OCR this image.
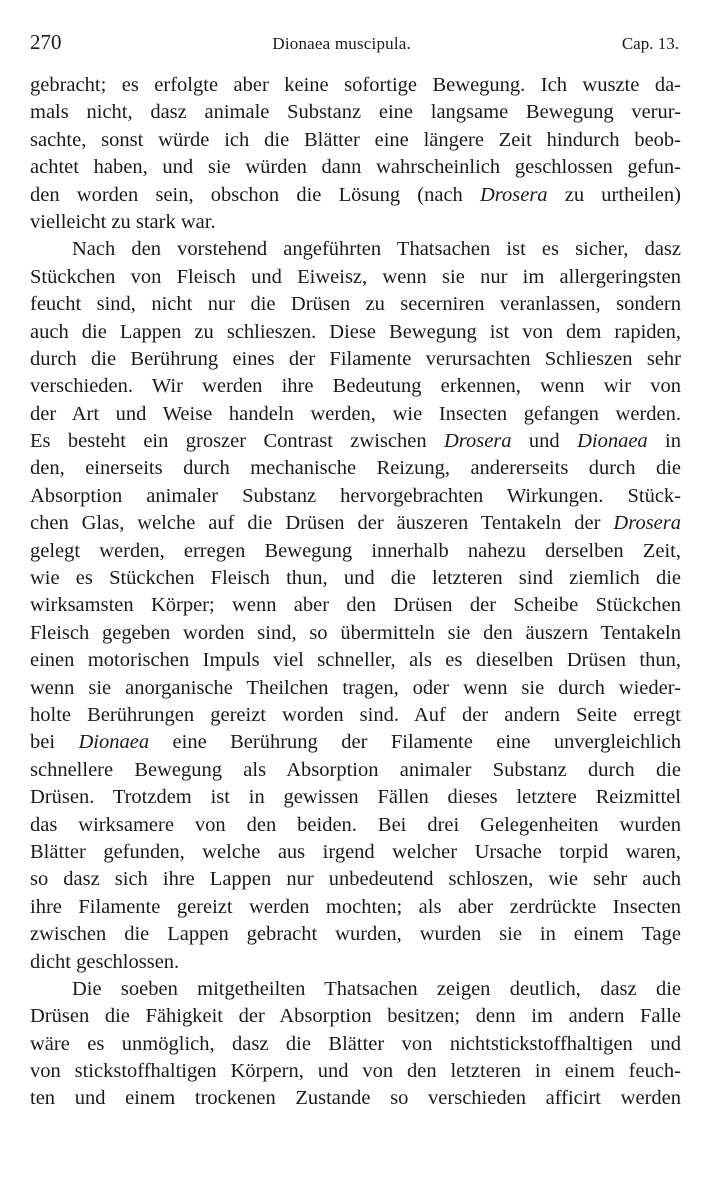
270	Dionaea muscipula.	Cap. 13.
gebracht; es erfolgte aber keine sofortige Bewegung. Ich wuszte da-
mals nicht, dasz animale Substanz eine langsame Bewegung verur-
sachte, sonst würde ich die Blätter eine längere Zeit hindurch beob-
achtet haben, und sie würden dann wahrscheinlich geschlossen gefun-
den worden sein, obschon die Lösung (nach Drosera zu urtheilen)
vielleicht zu stark war.
Nach den vorstehend angeführten Thatsachen ist es sicher, dasz
Stückchen von Fleisch und Eiweisz, wenn sie nur im allergeringsten
feucht sind, nicht nur die Drüsen zu secerniren veranlassen, sondern
auch die Lappen zu schlieszen. Diese Bewegung ist von dem rapiden,
durch die Berührung eines der Filamente verursachten Schlieszen sehr
verschieden. Wir werden ihre Bedeutung erkennen, wenn wir von
der Art und Weise handeln werden, wie Insecten gefangen werden.
Es besteht ein groszer Contrast zwischen Drosera und Dionaea in
den, einerseits durch mechanische Reizung, andererseits durch die
Absorption animaler Substanz hervorgebrachten Wirkungen. Stück-
chen Glas, welche auf die Drüsen der äuszeren Tentakeln der Drosera
gelegt werden, erregen Bewegung innerhalb nahezu derselben Zeit,
wie es Stückchen Fleisch thun, und die letzteren sind ziemlich die
wirksamsten Körper; wenn aber den Drüsen der Scheibe Stückchen
Fleisch gegeben worden sind, so übermitteln sie den äuszern Tentakeln
einen motorischen Impuls viel schneller, als es dieselben Drüsen thun,
wenn sie anorganische Theilchen tragen, oder wenn sie durch wieder-
holte Berührungen gereizt worden sind. Auf der andern Seite erregt
bei Dionaea eine Berührung der Filamente eine unvergleichlich
schnellere Bewegung als Absorption animaler Substanz durch die
Drüsen. Trotzdem ist in gewissen Fällen dieses letztere Reizmittel
das wirksamere von den beiden. Bei drei Gelegenheiten wurden
Blätter gefunden, welche aus irgend welcher Ursache torpid waren,
so dasz sich ihre Lappen nur unbedeutend schloszen, wie sehr auch
ihre Filamente gereizt werden mochten; als aber zerdrückte Insecten
zwischen die Lappen gebracht wurden, wurden sie in einem Tage
dicht geschlossen.
Die soeben mitgetheilten Thatsachen zeigen deutlich, dasz die
Drüsen die Fähigkeit der Absorption besitzen; denn im andern Falle
wäre es unmöglich, dasz die Blätter von nichtstickstoffhaltigen und
von stickstoffhaltigen Körpern, und von den letzteren in einem feuch-
ten und einem trockenen Zustande so verschieden afficirt werden
